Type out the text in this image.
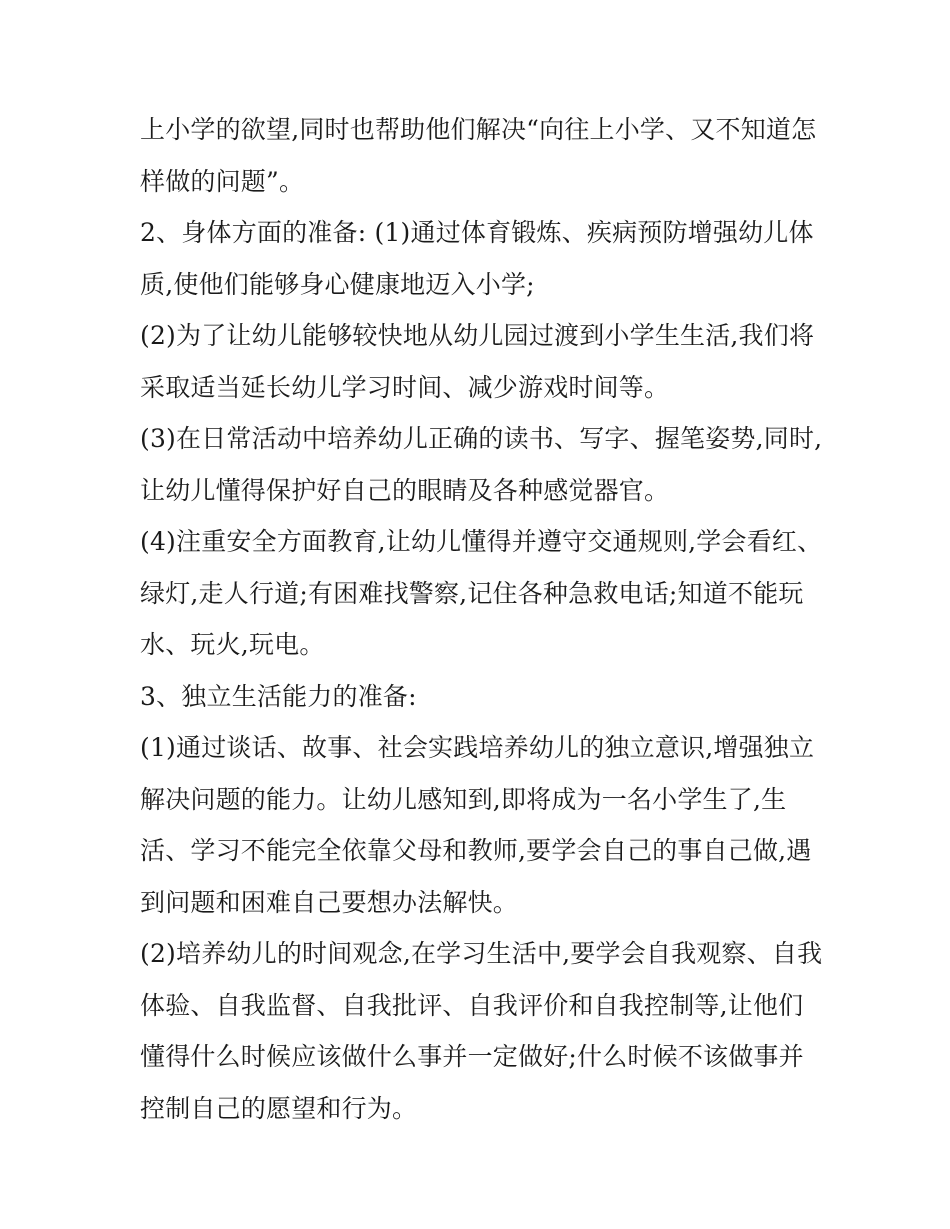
上小学的欲望,同时也帮助他们解决“向往上小学、又不知道怎
样做的问题”。
2、身体方面的准备: (1)通过体育锻炼、疾病预防增强幼儿体
质,使他们能够身心健康地迈入小学;
(2)为了让幼儿能够较快地从幼儿园过渡到小学生生活,我们将
采取适当延长幼儿学习时间、减少游戏时间等。
(3)在日常活动中培养幼儿正确的读书、写字、握笔姿势,同时,
让幼儿懂得保护好自己的眼睛及各种感觉器官。
(4)注重安全方面教育,让幼儿懂得并遵守交通规则,学会看红、
绿灯,走人行道;有困难找警察,记住各种急救电话;知道不能玩
水、玩火,玩电。
3、独立生活能力的准备:
(1)通过谈话、故事、社会实践培养幼儿的独立意识,增强独立
解决问题的能力。让幼儿感知到,即将成为一名小学生了,生
活、学习不能完全依靠父母和教师,要学会自己的事自己做,遇
到问题和困难自己要想办法解快。
(2)培养幼儿的时间观念,在学习生活中,要学会自我观察、自我
体验、自我监督、自我批评、自我评价和自我控制等,让他们
懂得什么时候应该做什么事并一定做好;什么时候不该做事并
控制自己的愿望和行为。
